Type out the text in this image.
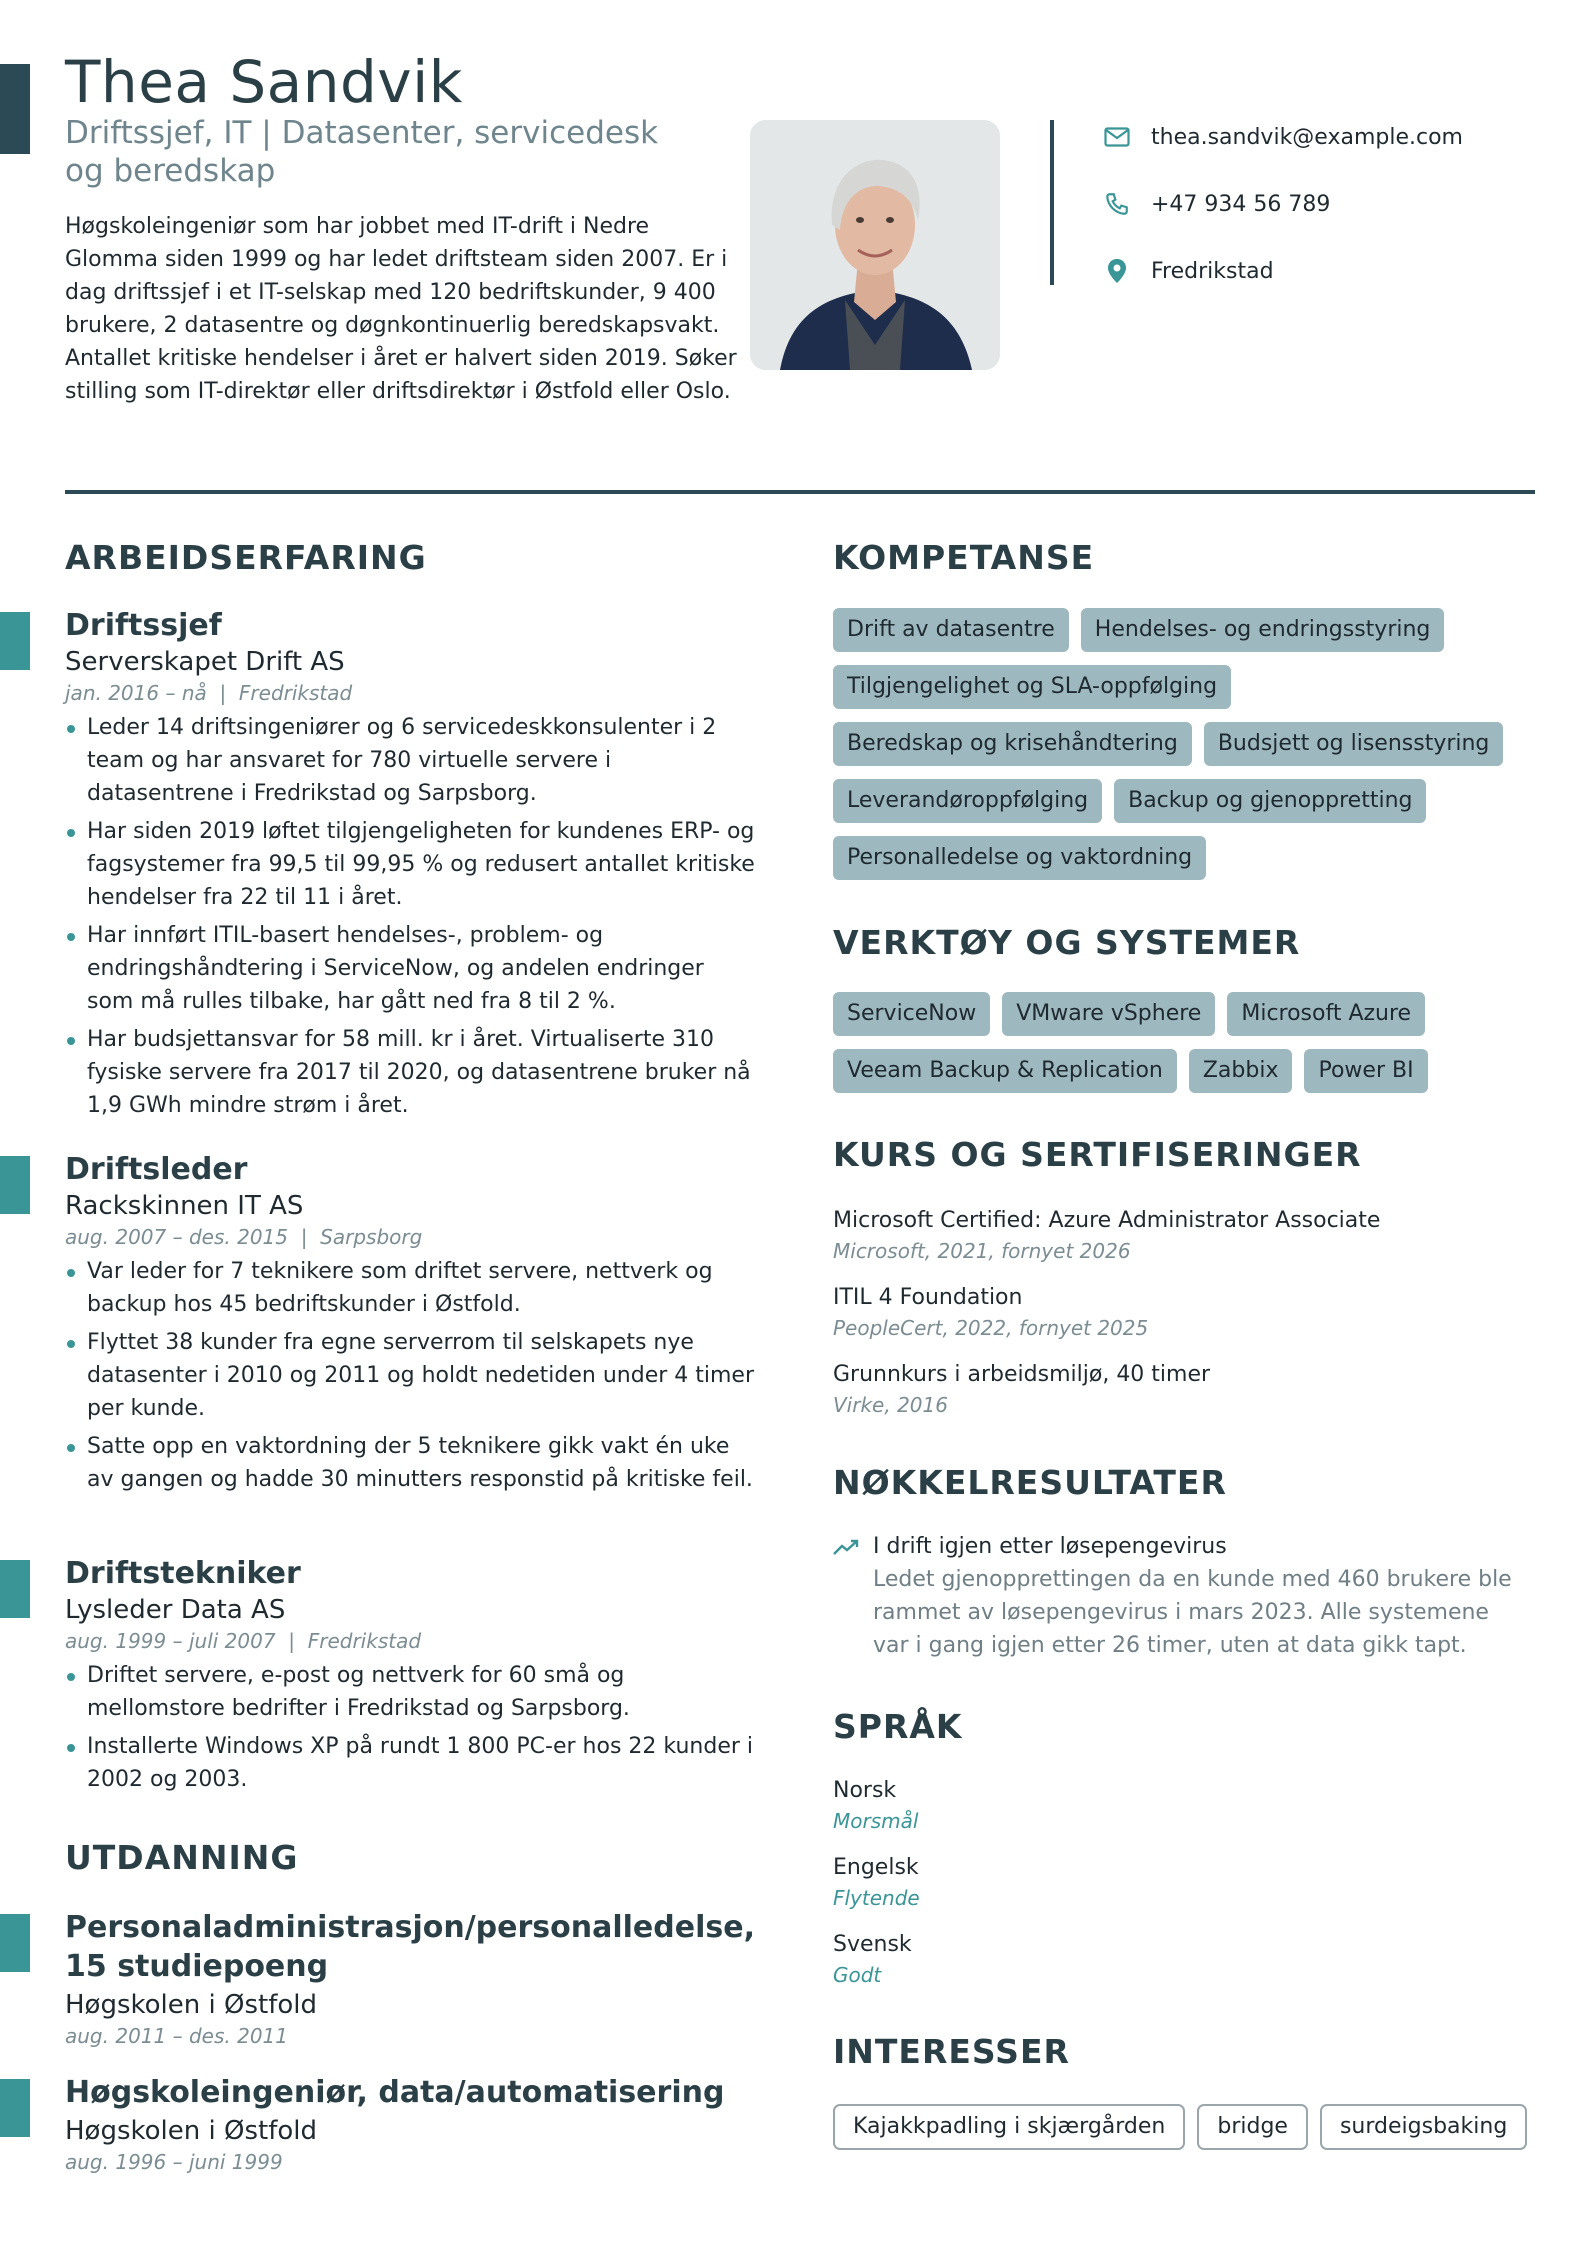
Thea Sandvik
Driftssjef, IT | Datasenter, servicedesk og beredskap

Høgskoleingeniør som har jobbet med IT-drift i Nedre Glomma siden 1999 og har ledet driftsteam siden 2007. Er i dag driftssjef i et IT-selskap med 120 bedriftskunder, 9 400 brukere, 2 datasentre og døgnkontinuerlig beredskapsvakt. Antallet kritiske hendelser i året er halvert siden 2019. Søker stilling som IT-direktør eller driftsdirektør i Østfold eller Oslo.

thea.sandvik@example.com
+47 934 56 789
Fredrikstad
ARBEIDSERFARING
Driftssjef
Serverskapet Drift AS
jan. 2016 – nå  |  Fredrikstad
Leder 14 driftsingeniører og 6 servicedeskkonsulenter i 2 team og har ansvaret for 780 virtuelle servere i datasentrene i Fredrikstad og Sarpsborg.
Har siden 2019 løftet tilgjengeligheten for kundenes ERP- og fagsystemer fra 99,5 til 99,95 % og redusert antallet kritiske hendelser fra 22 til 11 i året.
Har innført ITIL-basert hendelses-, problem- og endringshåndtering i ServiceNow, og andelen endringer som må rulles tilbake, har gått ned fra 8 til 2 %.
Har budsjettansvar for 58 mill. kr i året. Virtualiserte 310 fysiske servere fra 2017 til 2020, og datasentrene bruker nå 1,9 GWh mindre strøm i året.
Driftsleder
Rackskinnen IT AS
aug. 2007 – des. 2015  |  Sarpsborg
Var leder for 7 teknikere som driftet servere, nettverk og backup hos 45 bedriftskunder i Østfold.
Flyttet 38 kunder fra egne serverrom til selskapets nye datasenter i 2010 og 2011 og holdt nedetiden under 4 timer per kunde.
Satte opp en vaktordning der 5 teknikere gikk vakt én uke av gangen og hadde 30 minutters responstid på kritiske feil.
Driftstekniker
Lysleder Data AS
aug. 1999 – juli 2007  |  Fredrikstad
Driftet servere, e-post og nettverk for 60 små og mellomstore bedrifter i Fredrikstad og Sarpsborg.
Installerte Windows XP på rundt 1 800 PC-er hos 22 kunder i 2002 og 2003.
UTDANNING
Personaladministrasjon/personalledelse, 15 studiepoeng
Høgskolen i Østfold
aug. 2011 – des. 2011
Høgskoleingeniør, data/automatisering
Høgskolen i Østfold
aug. 1996 – juni 1999
KOMPETANSE
Drift av datasentre	Hendelses- og endringsstyring
Tilgjengelighet og SLA-oppfølging
Beredskap og krisehåndtering	Budsjett og lisensstyring
Leverandøroppfølging	Backup og gjenoppretting
Personalledelse og vaktordning
VERKTØY OG SYSTEMER
ServiceNow	VMware vSphere	Microsoft Azure
Veeam Backup & Replication	Zabbix	Power BI
KURS OG SERTIFISERINGER
Microsoft Certified: Azure Administrator Associate
Microsoft, 2021, fornyet 2026
ITIL 4 Foundation
PeopleCert, 2022, fornyet 2025
Grunnkurs i arbeidsmiljø, 40 timer
Virke, 2016
NØKKELRESULTATER
I drift igjen etter løsepengevirus
Ledet gjenopprettingen da en kunde med 460 brukere ble rammet av løsepengevirus i mars 2023. Alle systemene var i gang igjen etter 26 timer, uten at data gikk tapt.
SPRÅK
Norsk
Morsmål
Engelsk
Flytende
Svensk
Godt
INTERESSER
Kajakkpadling i skjærgården	bridge	surdeigsbaking
